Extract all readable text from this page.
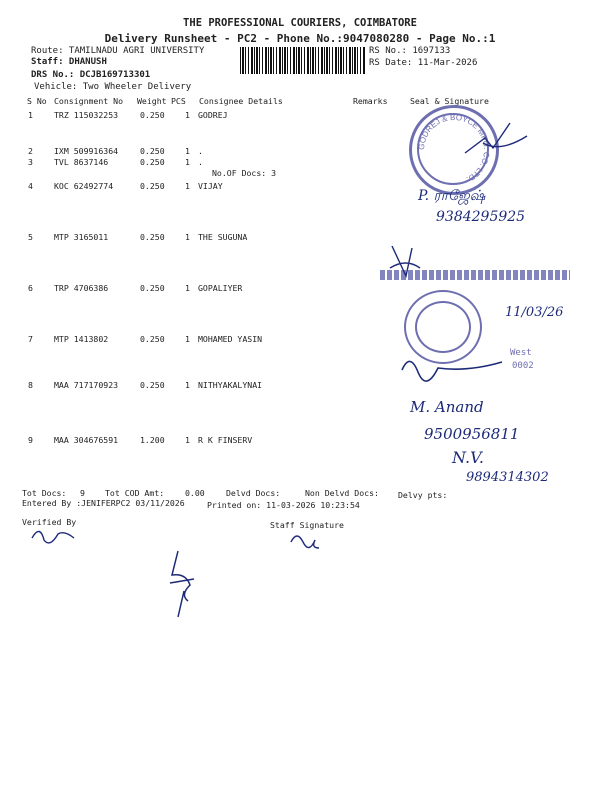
THE PROFESSIONAL COURIERS, COIMBATORE
Delivery Runsheet - PC2 - Phone No.:9047080280 - Page No.:1
Route: TAMILNADU AGRI UNIVERSITY
Staff: DHANUSH
DRS No.: DCJB169713301
Vehicle: Two Wheeler Delivery
RS No.: 1697133
RS Date: 11-Mar-2026
S No Consignment No Weight PCS Consignee Details	Remarks	Seal & Signature
1	TRZ 115032253	0.250 1 GODREJ
2	IXM 509916364	0.250 1 .
3	TVL 8637146	0.250 1 .
No.OF Docs: 3
4	KOC 62492774	0.250 1 VIJAY
5	MTP 3165011	0.250 1 THE SUGUNA
6	TRP 4706386	0.250 1 GOPALIYER
7	MTP 1413802	0.250 1 MOHAMED YASIN
8	MAA 717170923	0.250 1 NITHYAKALYNAI
9	MAA 304676591	1.200 1 R K FINSERV
GODREJ & BOYCE MFG. CO. LTD.
P. ராஜேஷ்
9384295925
11/03/26
West
0002
M. Anand
9500956811
N.V.
9894314302
Tot Docs: 9 Tot COD Amt:	0.00	Delvd Docs:	Non Delvd Docs: Delvy pts:
Entered By :JENIFERPC2 03/11/2026	Printed on: 11-03-2026 10:23:54
Verified By	Staff Signature
